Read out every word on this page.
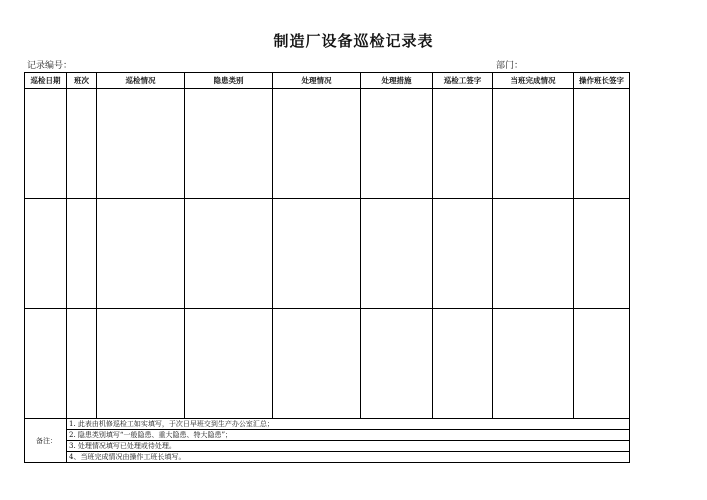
制造厂设备巡检记录表
记录编号：	部门：
巡检日期	班次	巡检情况	隐患类别	处理情况	处理措施	巡检工签字	当班完成情况	操作班长签字

备注：	1. 此表由机修巡检工如实填写，于次日早班交到生产办公室汇总；							
	2. 隐患类别填写“一般隐患、重大隐患、特大隐患”；							
	3. 处理情况填写已处理或待处理。							
	4、当班完成情况由操作工班长填写。							
